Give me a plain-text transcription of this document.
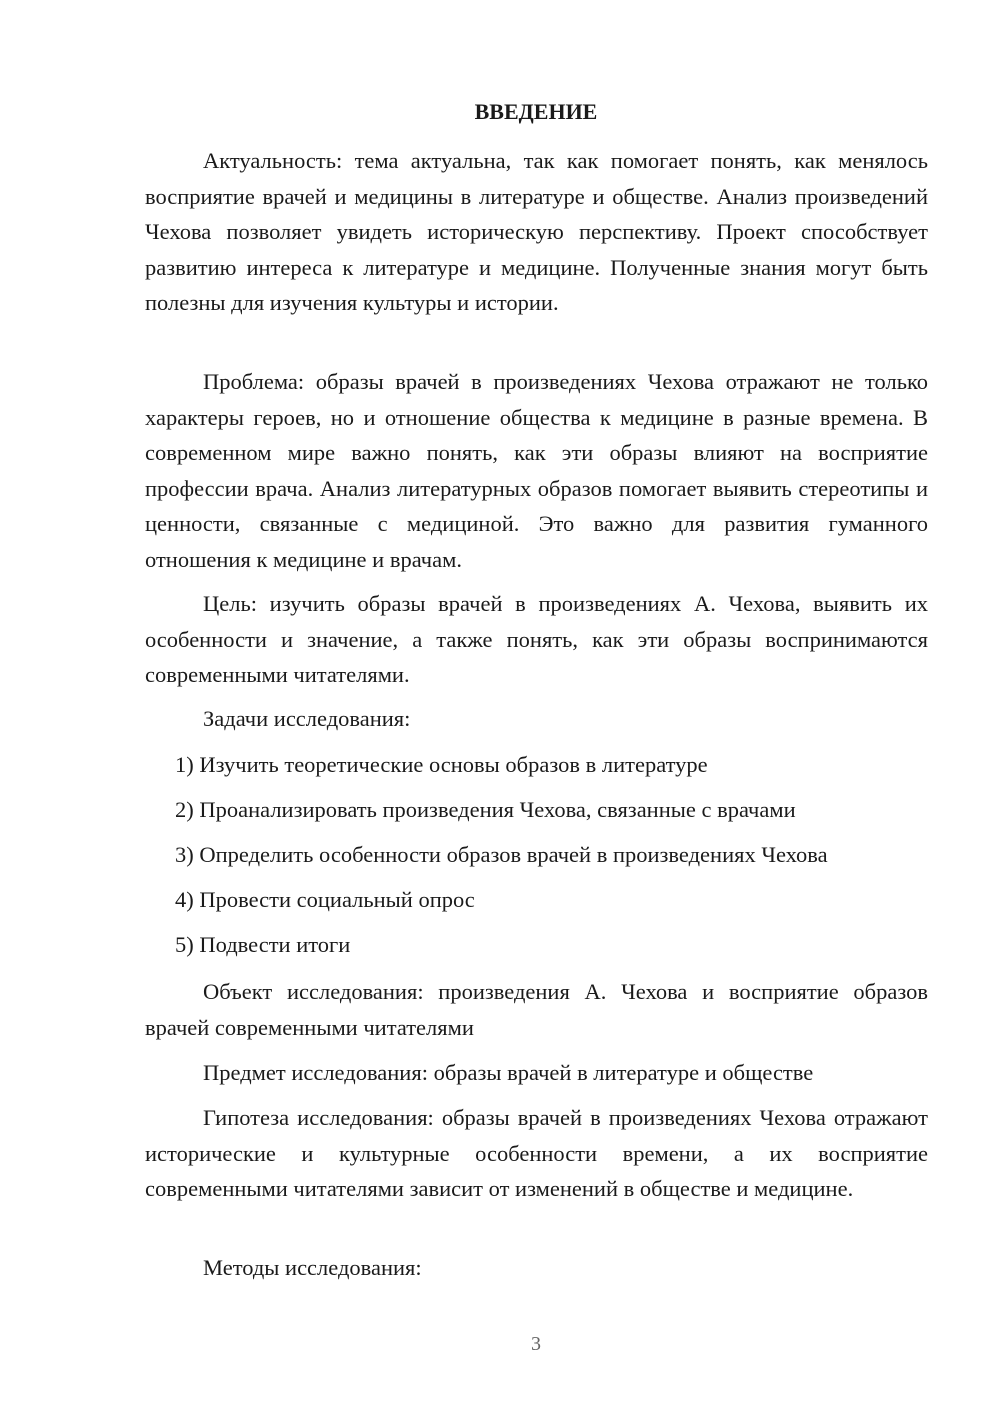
ВВЕДЕНИЕ

Актуальность: тема актуальна, так как помогает понять, как менялось восприятие врачей и медицины в литературе и обществе. Анализ произведений Чехова позволяет увидеть историческую перспективу. Проект способствует развитию интереса к литературе и медицине. Полученные знания могут быть полезны для изучения культуры и истории.

Проблема: образы врачей в произведениях Чехова отражают не только характеры героев, но и отношение общества к медицине в разные времена. В современном мире важно понять, как эти образы влияют на восприятие профессии врача. Анализ литературных образов помогает выявить стереотипы и ценности, связанные с медициной. Это важно для развития гуманного отношения к медицине и врачам.

Цель: изучить образы врачей в произведениях А. Чехова, выявить их особенности и значение, а также понять, как эти образы воспринимаются современными читателями.

Задачи исследования:

1) Изучить теоретические основы образов в литературе

2) Проанализировать произведения Чехова, связанные с врачами

3) Определить особенности образов врачей в произведениях Чехова

4) Провести социальный опрос

5) Подвести итоги

Объект исследования: произведения А. Чехова и восприятие образов врачей современными читателями

Предмет исследования: образы врачей в литературе и обществе

Гипотеза исследования: образы врачей в произведениях Чехова отражают исторические и культурные особенности времени, а их восприятие современными читателями зависит от изменений в обществе и медицине.

Методы исследования:

3
